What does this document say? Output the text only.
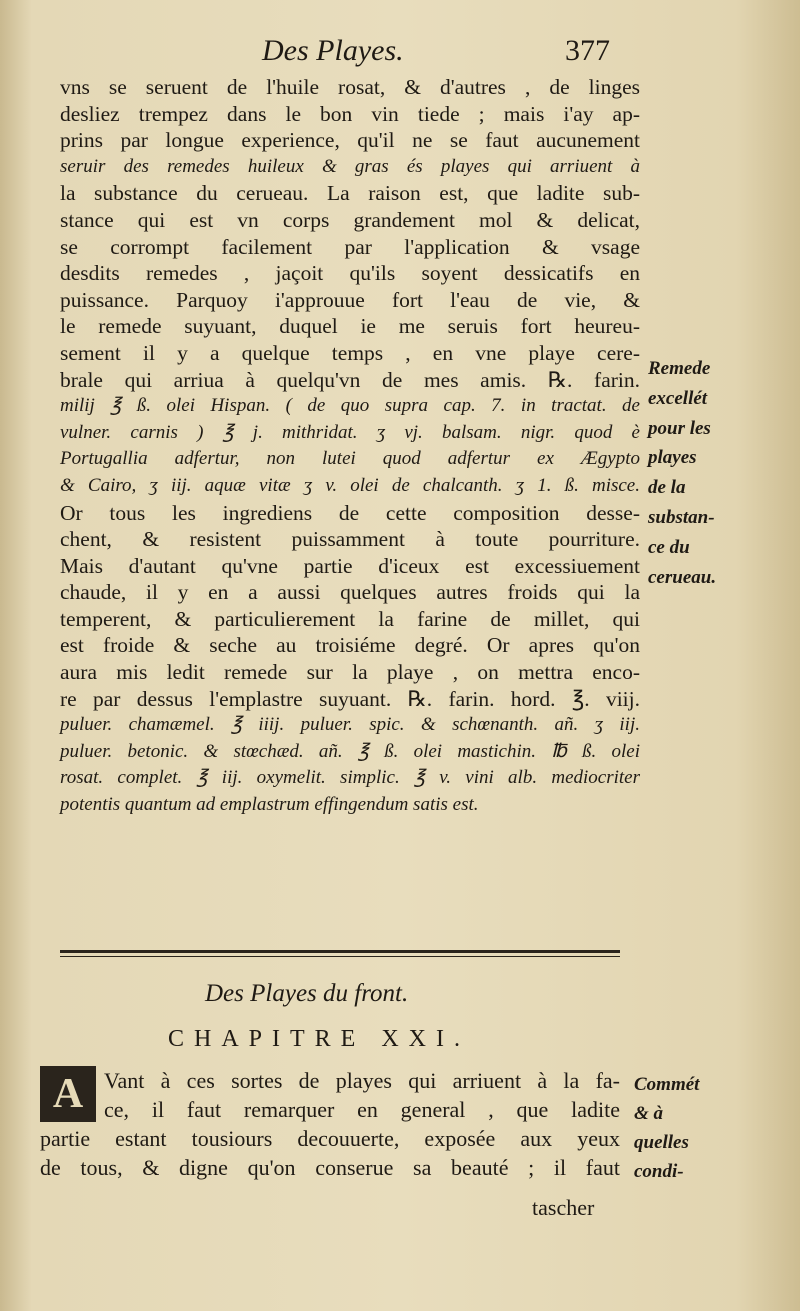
Des Playes.	377
vns se seruent de l'huile rosat, & d'autres , de linges
desliez trempez dans le bon vin tiede ; mais i'ay ap-
prins par longue experience, qu'il ne se faut aucunement
seruir des remedes huileux & gras és playes qui arriuent à
la substance du cerueau. La raison est, que ladite sub-
stance qui est vn corps grandement mol & delicat,
se corrompt facilement par l'application & vsage
desdits remedes , jaçoit qu'ils soyent dessicatifs en
puissance. Parquoy i'approuue fort l'eau de vie, &
le remede suyuant, duquel ie me seruis fort heureu-
sement il y a quelque temps , en vne playe cere-
brale qui arriua à quelqu'vn de mes amis. ℞. farin.
milij ℥ ß. olei Hispan. ( de quo supra cap. 7. in tractat. de
vulner. carnis ) ℥ j. mithridat. ʒ vj. balsam. nigr. quod è
Portugallia adfertur, non lutei quod adfertur ex Ægypto
& Cairo, ʒ iij. aquæ vitæ ʒ v. olei de chalcanth. ʒ 1. ß. misce.
Or tous les ingrediens de cette composition desse-
chent, & resistent puissamment à toute pourriture.
Mais d'autant qu'vne partie d'iceux est excessiuement
chaude, il y en a aussi quelques autres froids qui la
temperent, & particulierement la farine de millet, qui
est froide & seche au troisiéme degré. Or apres qu'on
aura mis ledit remede sur la playe , on mettra enco-
re par dessus l'emplastre suyuant. ℞. farin. hord. ℥. viij.
puluer. chamæmel. ℥ iiij. puluer. spic. & schœnanth. añ. ʒ iij.
puluer. betonic. & stœchæd. añ. ℥ ß. olei mastichin. ℔ ß. olei
rosat. complet. ℥ iij. oxymelit. simplic. ℥ v. vini alb. mediocriter
potentis quantum ad emplastrum effingendum satis est.
Remede
excellét
pour les
playes
de la
substan-
ce du
cerueau.
Des Playes du front.
CHAPITRE XXI.
Vant à ces sortes de playes qui arriuent à la fa-
ce, il faut remarquer en general , que ladite
partie estant tousiours decouuerte, exposée aux yeux
de tous, & digne qu'on conserue sa beauté ; il faut
A	Commét
& à
quelles
condi-
tascher
